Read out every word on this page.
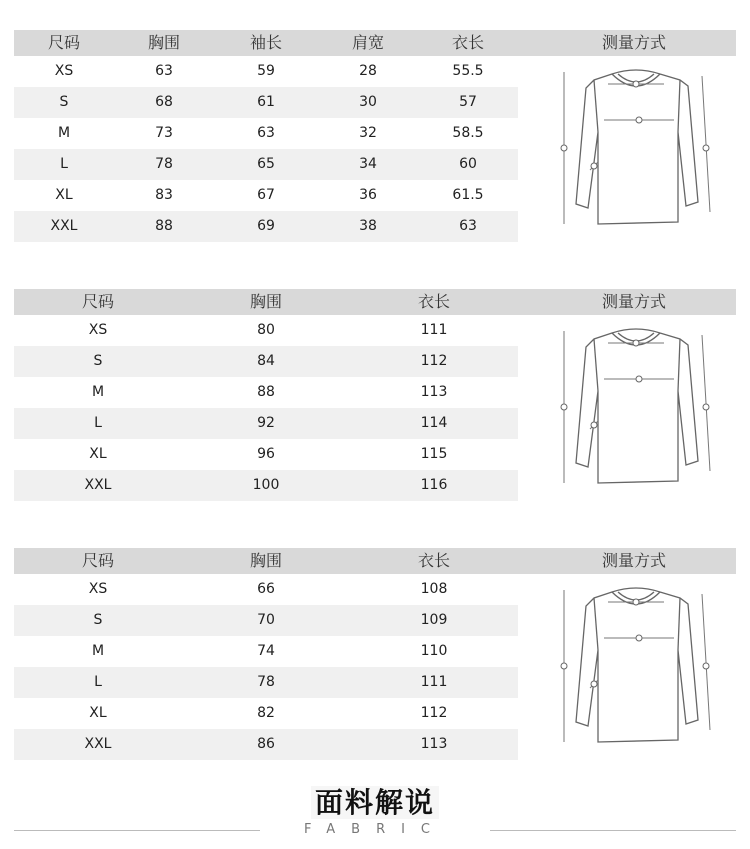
尺码	胸围	袖长	肩宽	衣长	测量方式
XS	63	59	28	55.5
S	68	61	30	57
M	73	63	32	58.5
L	78	65	34	60
XL	83	67	36	61.5
XXL	88	69	38	63
尺码	胸围	衣长	测量方式
XS	80	111
S	84	112
M	88	113
L	92	114
XL	96	115
XXL	100	116
尺码	胸围	衣长	测量方式
XS	66	108
S	70	109
M	74	110
L	78	111
XL	82	112
XXL	86	113
面料解说
FABRIC
